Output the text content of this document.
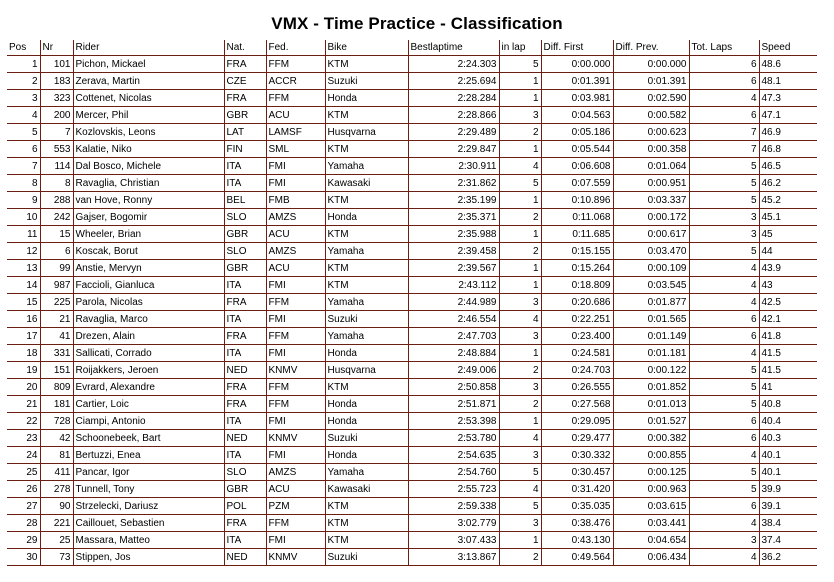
VMX - Time Practice - Classification
Pos	Nr	Rider	Nat.	Fed.	Bike	Bestlaptime	in lap	Diff. First	Diff. Prev.	Tot. Laps	Speed
1	101	Pichon, Mickael	FRA	FFM	KTM	2:24.303	5	0:00.000	0:00.000	6	48.6
2	183	Zerava, Martin	CZE	ACCR	Suzuki	2:25.694	1	0:01.391	0:01.391	6	48.1
3	323	Cottenet, Nicolas	FRA	FFM	Honda	2:28.284	1	0:03.981	0:02.590	4	47.3
4	200	Mercer, Phil	GBR	ACU	KTM	2:28.866	3	0:04.563	0:00.582	6	47.1
5	7	Kozlovskis, Leons	LAT	LAMSF	Husqvarna	2:29.489	2	0:05.186	0:00.623	7	46.9
6	553	Kalatie, Niko	FIN	SML	KTM	2:29.847	1	0:05.544	0:00.358	7	46.8
7	114	Dal Bosco, Michele	ITA	FMI	Yamaha	2:30.911	4	0:06.608	0:01.064	5	46.5
8	8	Ravaglia, Christian	ITA	FMI	Kawasaki	2:31.862	5	0:07.559	0:00.951	5	46.2
9	288	van Hove, Ronny	BEL	FMB	KTM	2:35.199	1	0:10.896	0:03.337	5	45.2
10	242	Gajser, Bogomir	SLO	AMZS	Honda	2:35.371	2	0:11.068	0:00.172	3	45.1
11	15	Wheeler, Brian	GBR	ACU	KTM	2:35.988	1	0:11.685	0:00.617	3	45
12	6	Koscak, Borut	SLO	AMZS	Yamaha	2:39.458	2	0:15.155	0:03.470	5	44
13	99	Anstie, Mervyn	GBR	ACU	KTM	2:39.567	1	0:15.264	0:00.109	4	43.9
14	987	Faccioli, Gianluca	ITA	FMI	KTM	2:43.112	1	0:18.809	0:03.545	4	43
15	225	Parola, Nicolas	FRA	FFM	Yamaha	2:44.989	3	0:20.686	0:01.877	4	42.5
16	21	Ravaglia, Marco	ITA	FMI	Suzuki	2:46.554	4	0:22.251	0:01.565	6	42.1
17	41	Drezen, Alain	FRA	FFM	Yamaha	2:47.703	3	0:23.400	0:01.149	6	41.8
18	331	Sallicati, Corrado	ITA	FMI	Honda	2:48.884	1	0:24.581	0:01.181	4	41.5
19	151	Roijakkers, Jeroen	NED	KNMV	Husqvarna	2:49.006	2	0:24.703	0:00.122	5	41.5
20	809	Evrard, Alexandre	FRA	FFM	KTM	2:50.858	3	0:26.555	0:01.852	5	41
21	181	Cartier, Loic	FRA	FFM	Honda	2:51.871	2	0:27.568	0:01.013	5	40.8
22	728	Ciampi, Antonio	ITA	FMI	Honda	2:53.398	1	0:29.095	0:01.527	6	40.4
23	42	Schoonebeek, Bart	NED	KNMV	Suzuki	2:53.780	4	0:29.477	0:00.382	6	40.3
24	81	Bertuzzi, Enea	ITA	FMI	Honda	2:54.635	3	0:30.332	0:00.855	4	40.1
25	411	Pancar, Igor	SLO	AMZS	Yamaha	2:54.760	5	0:30.457	0:00.125	5	40.1
26	278	Tunnell, Tony	GBR	ACU	Kawasaki	2:55.723	4	0:31.420	0:00.963	5	39.9
27	90	Strzelecki, Dariusz	POL	PZM	KTM	2:59.338	5	0:35.035	0:03.615	6	39.1
28	221	Caillouet, Sebastien	FRA	FFM	KTM	3:02.779	3	0:38.476	0:03.441	4	38.4
29	25	Massara, Matteo	ITA	FMI	KTM	3:07.433	1	0:43.130	0:04.654	3	37.4
30	73	Stippen, Jos	NED	KNMV	Suzuki	3:13.867	2	0:49.564	0:06.434	4	36.2
